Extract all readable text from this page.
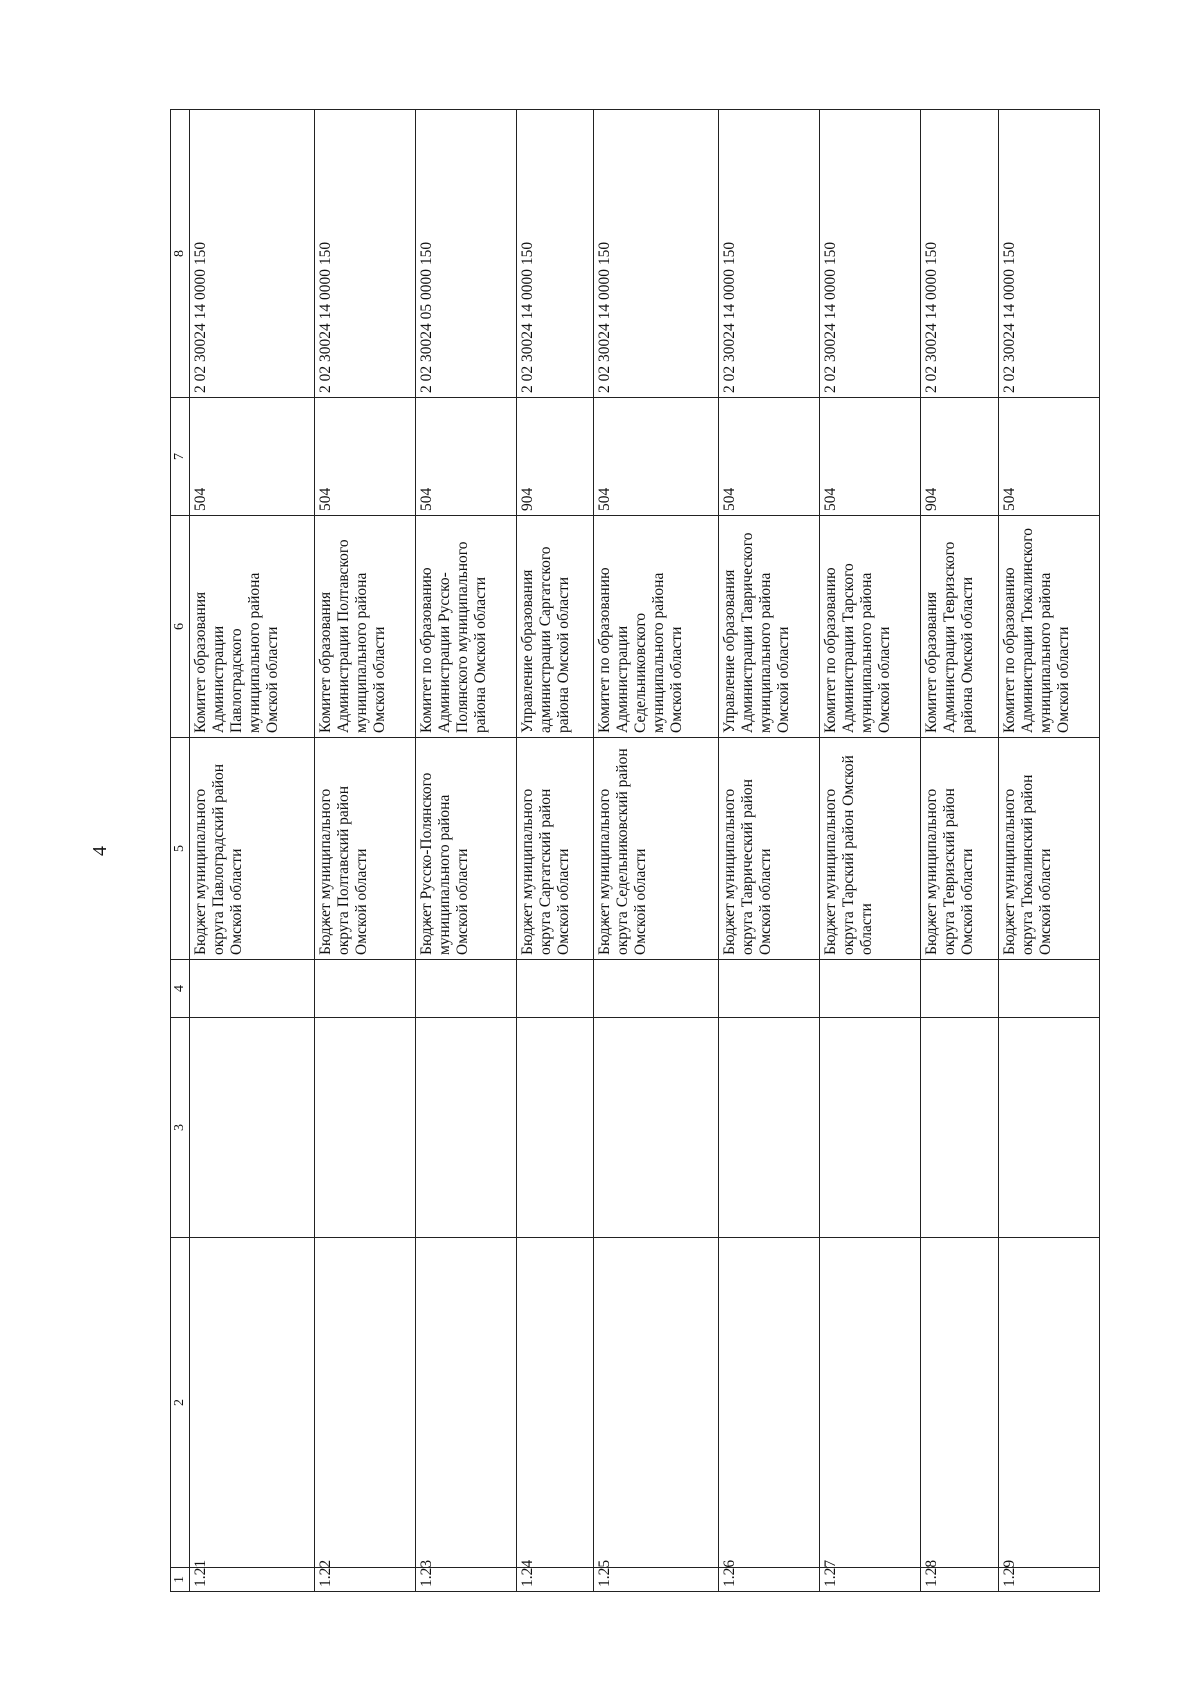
4
1	2	3	4	5	6	7	8
1.21				Бюджет муниципального округа Павлоградский район Омской области	Комитет образования Администрации Павлоградского муниципального района Омской области	504	2 02 30024 14 0000 150
1.22				Бюджет муниципального округа Полтавский район Омской области	Комитет образования Администрации Полтавского муниципального района Омской области	504	2 02 30024 14 0000 150
1.23				Бюджет Русско-Полянского муниципального района Омской области	Комитет по образованию Администрации Русско-Полянского муниципального района Омской области	504	2 02 30024 05 0000 150
1.24				Бюджет муниципального округа Саргатский район Омской области	Управление образования администрации Саргатского района Омской области	904	2 02 30024 14 0000 150
1.25				Бюджет муниципального округа Седельниковский район Омской области	Комитет по образованию Администрации Седельниковского муниципального района Омской области	504	2 02 30024 14 0000 150
1.26				Бюджет муниципального округа Таврический район Омской области	Управление образования Администрации Таврического муниципального района Омской области	504	2 02 30024 14 0000 150
1.27				Бюджет муниципального округа Тарский район Омской области	Комитет по образованию Администрации Тарского муниципального района Омской области	504	2 02 30024 14 0000 150
1.28				Бюджет муниципального округа Тевризский район Омской области	Комитет образования Администрации Тевризского района Омской области	904	2 02 30024 14 0000 150
1.29				Бюджет муниципального округа Тюкалинский район Омской области	Комитет по образованию Администрации Тюкалинского муниципального района Омской области	504	2 02 30024 14 0000 150
